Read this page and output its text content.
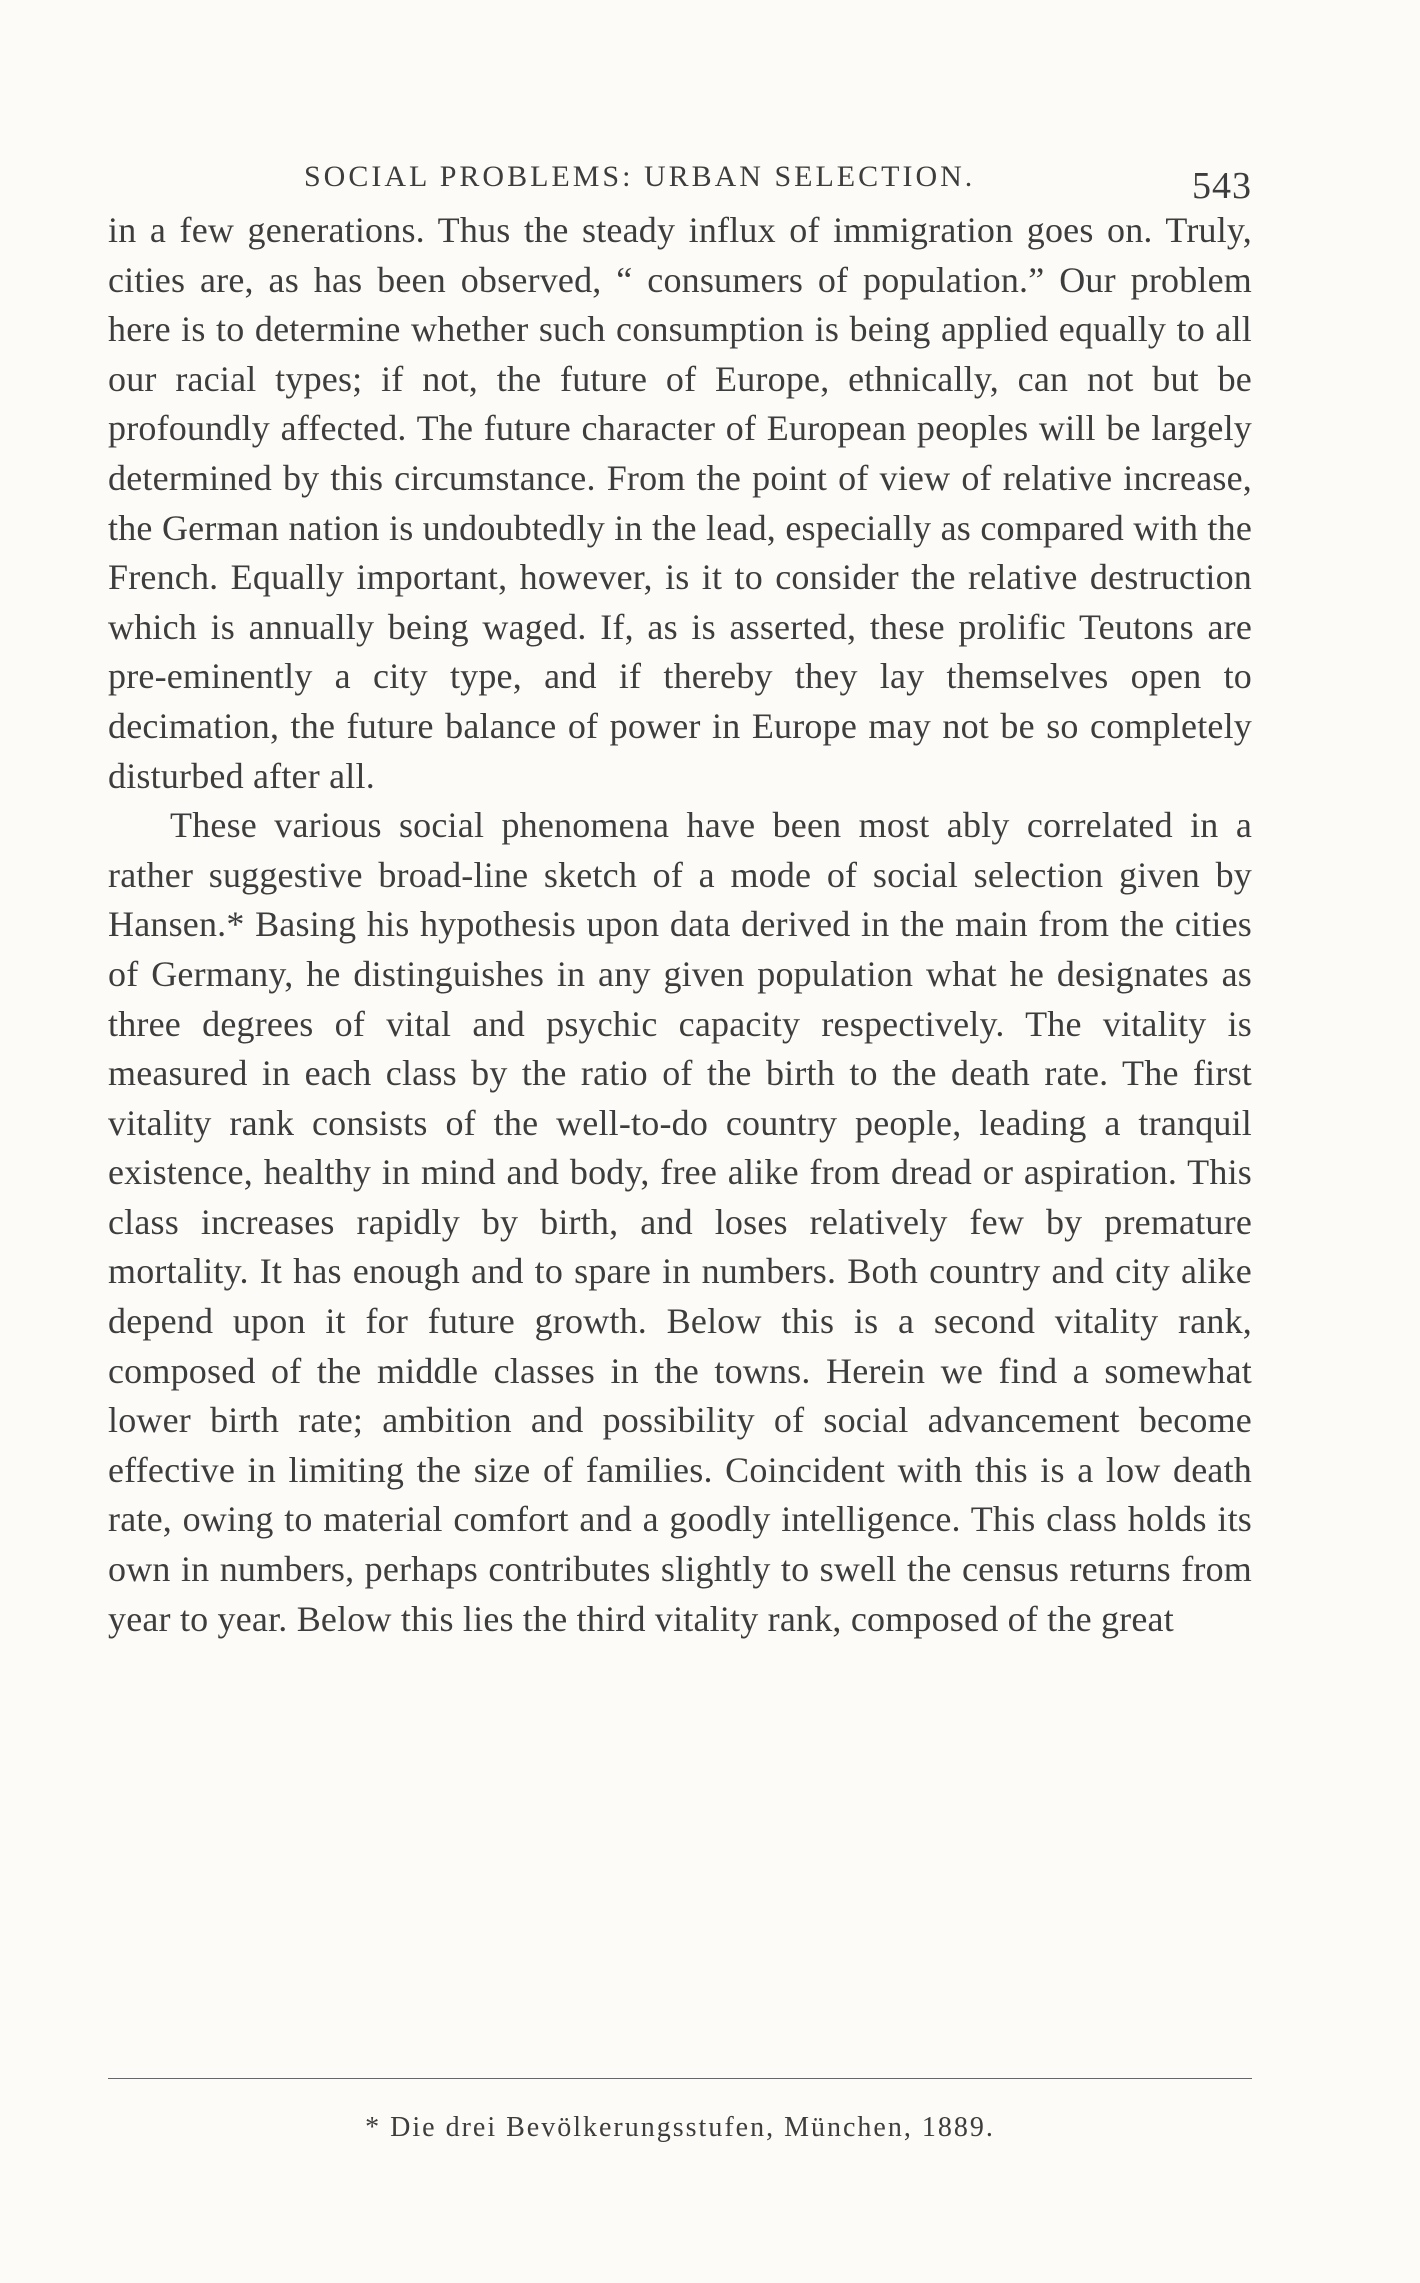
SOCIAL PROBLEMS: URBAN SELECTION.	543

in a few generations. Thus the steady influx of immigration goes on. Truly, cities are, as has been observed, “ consumers of population.” Our problem here is to determine whether such consumption is being applied equally to all our racial types; if not, the future of Europe, ethnically, can not but be profoundly affected. The future character of European peoples will be largely determined by this circumstance. From the point of view of relative increase, the German nation is undoubtedly in the lead, especially as compared with the French. Equally important, however, is it to consider the relative destruction which is annually being waged. If, as is asserted, these prolific Teutons are pre-eminently a city type, and if thereby they lay themselves open to decimation, the future balance of power in Europe may not be so completely disturbed after all.

These various social phenomena have been most ably correlated in a rather suggestive broad-line sketch of a mode of social selection given by Hansen.* Basing his hypothesis upon data derived in the main from the cities of Germany, he distinguishes in any given population what he designates as three degrees of vital and psychic capacity respectively. The vitality is measured in each class by the ratio of the birth to the death rate. The first vitality rank consists of the well-to-do country people, leading a tranquil existence, healthy in mind and body, free alike from dread or aspiration. This class increases rapidly by birth, and loses relatively few by premature mortality. It has enough and to spare in numbers. Both country and city alike depend upon it for future growth. Below this is a second vitality rank, composed of the middle classes in the towns. Herein we find a somewhat lower birth rate; ambition and possibility of social advancement become effective in limiting the size of families. Coincident with this is a low death rate, owing to material comfort and a goodly intelligence. This class holds its own in numbers, perhaps contributes slightly to swell the census returns from year to year. Below this lies the third vitality rank, composed of the great

* Die drei Bevölkerungsstufen, München, 1889.
